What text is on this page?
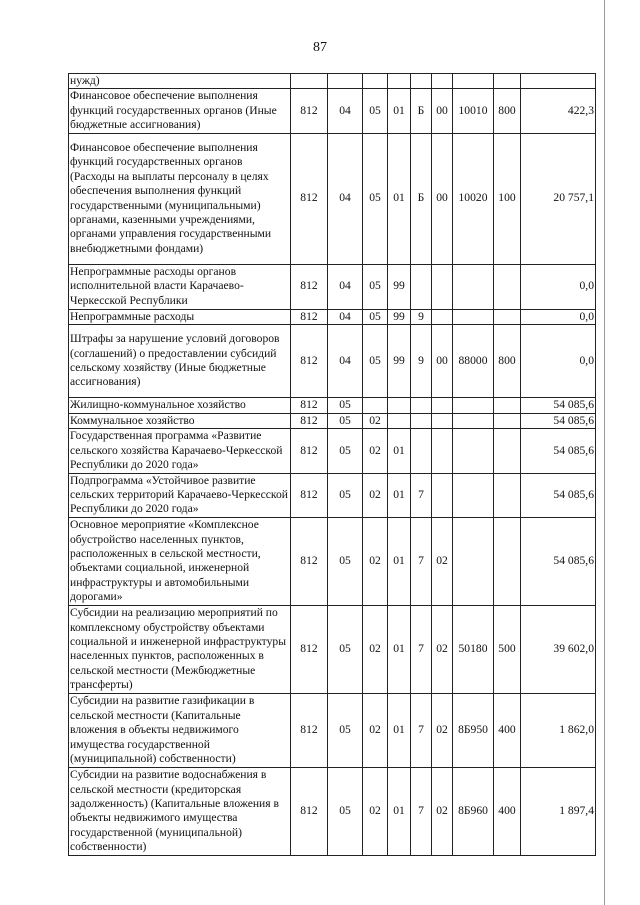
87
нужд)									
Финансовое обеспечение выполнения функций государственных органов (Иные бюджетные ассигнования)	812	04	05	01	Б	00	10010	800	422,3
Финансовое обеспечение выполнения функций государственных органов (Расходы на выплаты персоналу в целях обеспечения выполнения функций государственными (муниципальными) органами, казенными учреждениями, органами управления государственными внебюджетными фондами)	812	04	05	01	Б	00	10020	100	20 757,1
Непрограммные расходы органов исполнительной власти Карачаево-Черкесской Республики	812	04	05	99					0,0
Непрограммные расходы	812	04	05	99	9				0,0
Штрафы за нарушение условий договоров (соглашений) о предоставлении субсидий сельскому хозяйству (Иные бюджетные ассигнования)	812	04	05	99	9	00	88000	800	0,0
Жилищно-коммунальное хозяйство	812	05							54 085,6
Коммунальное хозяйство	812	05	02						54 085,6
Государственная программа «Развитие сельского хозяйства Карачаево-Черкесской Республики до 2020 года»	812	05	02	01					54 085,6
Подпрограмма «Устойчивое развитие сельских территорий Карачаево-Черкесской Республики до 2020 года»	812	05	02	01	7				54 085,6
Основное мероприятие «Комплексное обустройство населенных пунктов, расположенных в сельской местности, объектами социальной, инженерной инфраструктуры и автомобильными дорогами»	812	05	02	01	7	02			54 085,6
Субсидии на реализацию мероприятий по комплексному обустройству объектами социальной и инженерной инфраструктуры населенных пунктов, расположенных в сельской местности (Межбюджетные трансферты)	812	05	02	01	7	02	50180	500	39 602,0
Субсидии на развитие газификации в сельской местности (Капитальные вложения в объекты недвижимого имущества государственной (муниципальной) собственности)	812	05	02	01	7	02	8Б950	400	1 862,0
Субсидии на развитие водоснабжения в сельской местности (кредиторская задолженность) (Капитальные вложения в объекты недвижимого имущества государственной (муниципальной) собственности)	812	05	02	01	7	02	8Б960	400	1 897,4
